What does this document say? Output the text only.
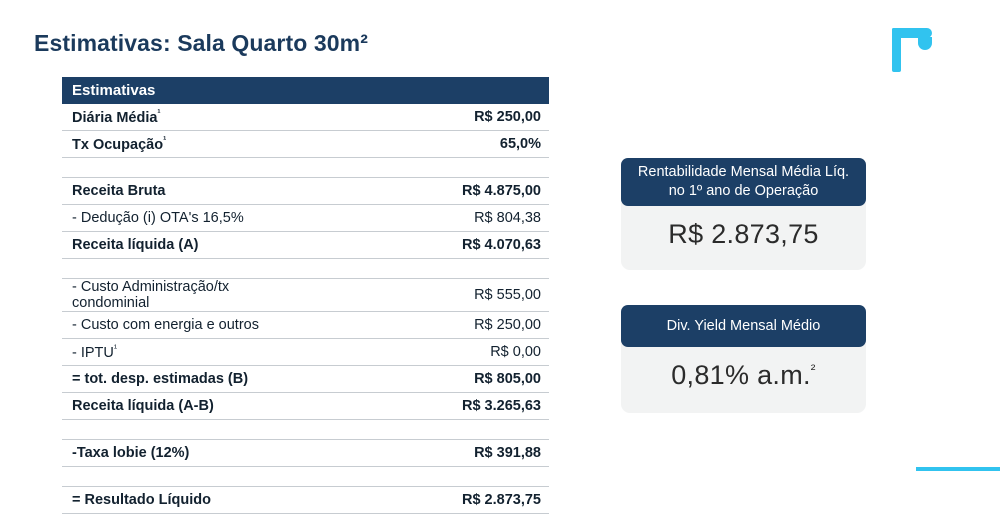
Estimativas: Sala Quarto 30m²
Estimativas	
Diária Média$^{^1}$	R$ 250,00
Tx Ocupação$^{^1}$	65,0%

Receita Bruta	R$ 4.875,00
- Dedução (i) OTA's 16,5%	R$ 804,38
Receita líquida (A)	R$ 4.070,63

- Custo Administração/tx condominial	R$ 555,00
- Custo com energia e outros	R$ 250,00
- $IPTU^{^1}$	R$ 0,00
= tot. desp. estimadas (B)	R$ 805,00
Receita líquida (A-B)	R$ 3.265,63

-Taxa lobie (12%)	R$ 391,88

= Resultado Líquido	R$ 2.873,75
Rentabilidade Mensal Média Líq. no 1º ano de Operação
R$ 2.873,75
Div. Yield Mensal Médio
0,81% a.m.$^{^2}$
